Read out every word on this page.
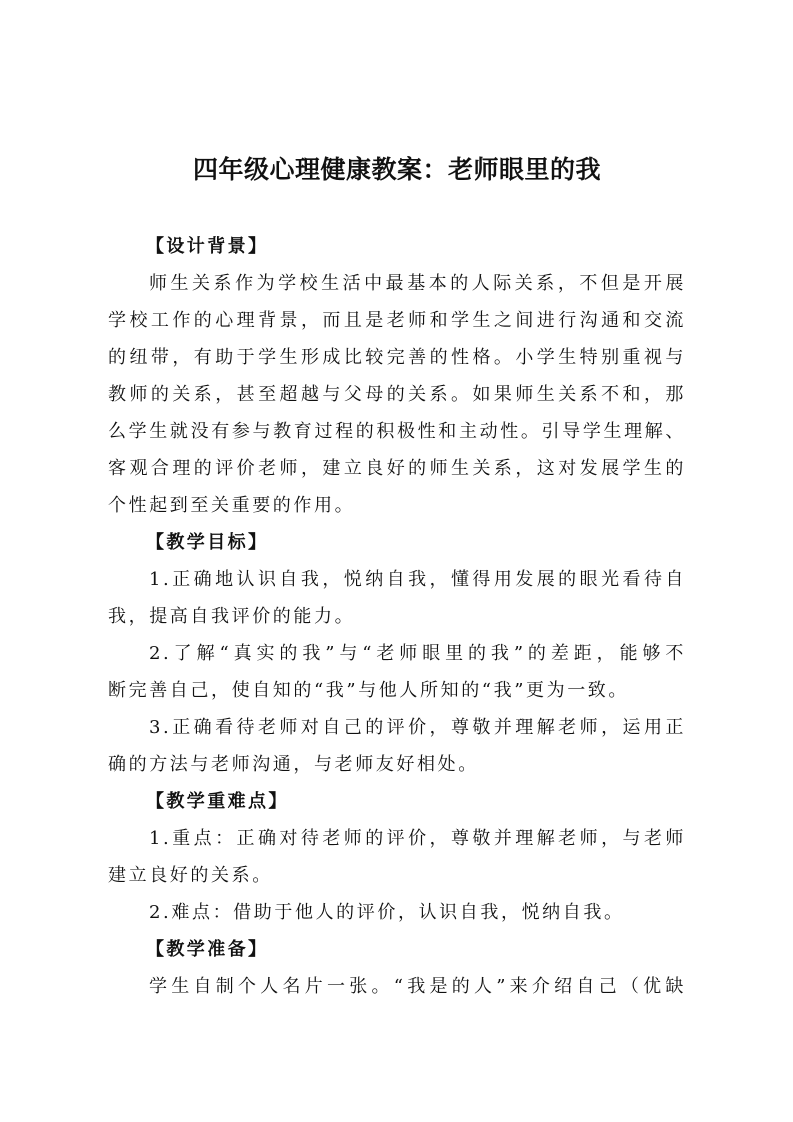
四年级心理健康教案：老师眼里的我
【设计背景】
师生关系作为学校生活中最基本的人际关系，不但是开展
学校工作的心理背景，而且是老师和学生之间进行沟通和交流
的纽带，有助于学生形成比较完善的性格。小学生特别重视与
教师的关系，甚至超越与父母的关系。如果师生关系不和，那
么学生就没有参与教育过程的积极性和主动性。引导学生理解、
客观合理的评价老师，建立良好的师生关系，这对发展学生的
个性起到至关重要的作用。
【教学目标】
1.正确地认识自我，悦纳自我，懂得用发展的眼光看待自
我，提高自我评价的能力。
2.了解“真实的我”与“老师眼里的我”的差距，能够不
断完善自己，使自知的“我”与他人所知的“我”更为一致。
3.正确看待老师对自己的评价，尊敬并理解老师，运用正
确的方法与老师沟通，与老师友好相处。
【教学重难点】
1.重点：正确对待老师的评价，尊敬并理解老师，与老师
建立良好的关系。
2.难点：借助于他人的评价，认识自我，悦纳自我。
【教学准备】
学生自制个人名片一张。“我是的人”来介绍自己（优缺
